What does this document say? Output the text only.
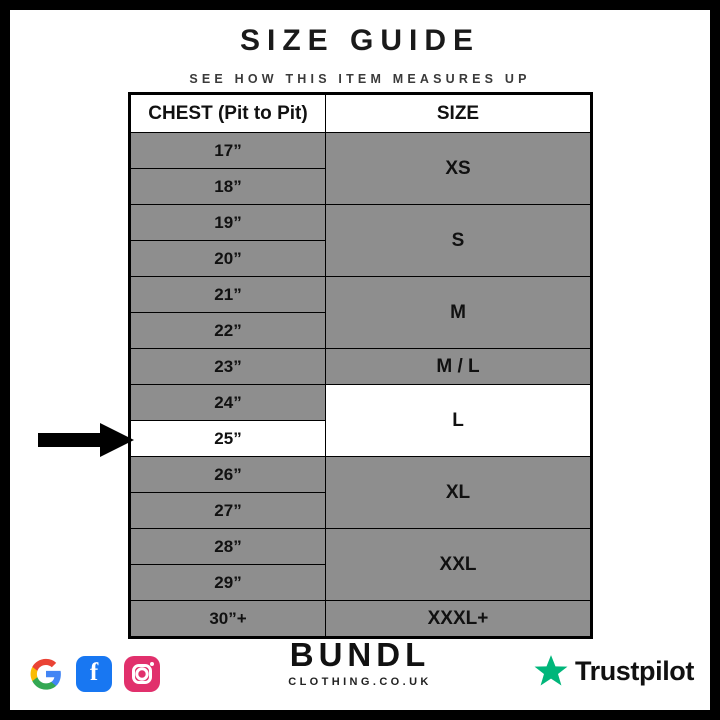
SIZE GUIDE
SEE HOW THIS ITEM MEASURES UP
CHEST (Pit to Pit)	SIZE
17”	XS
18”	
19”	S
20”	
21”	M
22”	
23”	M / L
24”	L
25”	
26”	XL
27”	
28”	XXL
29”	
30”+	XXXL+
f	BUNDL
CLOTHING.CO.UK	Trustpilot
